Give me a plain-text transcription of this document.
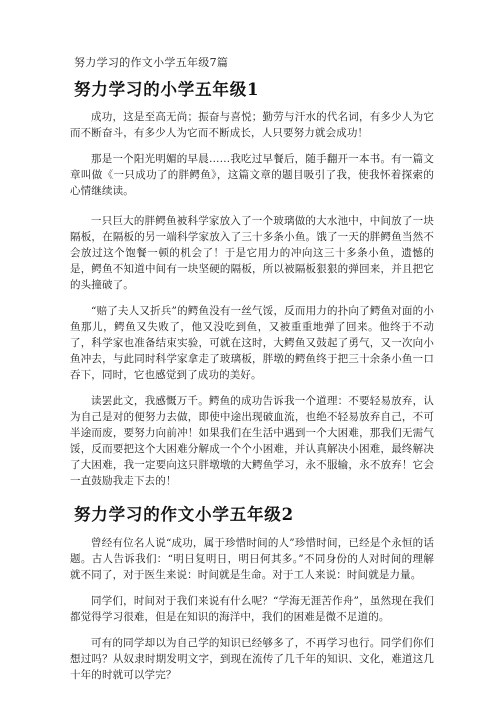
努力学习的作文小学五年级7篇
努力学习的小学五年级1

成功，这是至高无尚；振奋与喜悦；勤劳与汗水的代名词，有多少人为它而不断奋斗，有多少人为它而不断成长，人只要努力就会成功！

那是一个阳光明媚的早晨……我吃过早餐后，随手翻开一本书。有一篇文章叫做《一只成功了的胖鳄鱼》，这篇文章的题目吸引了我，使我怀着探索的心情继续读。

一只巨大的胖鳄鱼被科学家放入了一个玻璃做的大水池中，中间放了一块隔板，在隔板的另一端科学家放入了三十多条小鱼。饿了一天的胖鳄鱼当然不会放过这个饱餐一顿的机会了！于是它用力的冲向这三十多条小鱼，遗憾的是，鳄鱼不知道中间有一块坚硬的隔板，所以被隔板狠狠的弹回来，并且把它的头撞破了。

“赔了夫人又折兵”的鳄鱼没有一丝气馁，反而用力的扑向了鳄鱼对面的小鱼那儿，鳄鱼又失败了，他又没吃到鱼，又被重重地弹了回来。他终于不动了，科学家也准备结束实验，可就在这时，大鳄鱼又鼓起了勇气，又一次向小鱼冲去，与此同时科学家拿走了玻璃板，胖墩的鳄鱼终于把三十余条小鱼一口吞下，同时，它也感觉到了成功的美好。

读罢此文，我感慨万千。鳄鱼的成功告诉我一个道理：不要轻易放弃，认为自己是对的便努力去做，即使中途出现破血流，也绝不轻易放弃自己，不可半途而废，要努力向前冲！如果我们在生活中遇到一个大困难，那我们无需气馁，反而要把这个大困难分解成一个个小困难，并认真解决小困难，最终解决了大困难，我一定要向这只胖墩墩的大鳄鱼学习，永不服输，永不放弃！它会一直鼓励我走下去的！

努力学习的作文小学五年级2

曾经有位名人说“成功，属于珍惜时间的人”珍惜时间，已经是个永恒的话题。古人告诉我们：“明日复明日，明日何其多。”不同身份的人对时间的理解就不同了，对于医生来说：时间就是生命。对于工人来说：时间就是力量。

同学们，时间对于我们来说有什么呢？“学海无涯苦作舟”，虽然现在我们都觉得学习很难，但是在知识的海洋中，我们的困难是微不足道的。

可有的同学却以为自己学的知识已经够多了，不再学习也行。同学们你们想过吗？从奴隶时期发明文字，到现在流传了几千年的知识、文化，难道这几十年的时就可以学完？
